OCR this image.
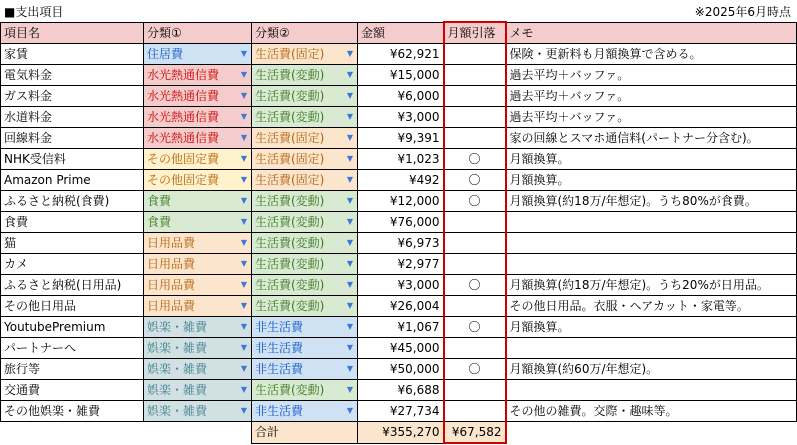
■支出項目	※2025年6月時点
項目名	分類①	分類②	金額	月額引落	メモ
家賃	住居費 ▼	生活費(固定) ▼	¥62,921		保険・更新料も月額換算で含める。
電気料金	水光熱通信費 ▼	生活費(変動) ▼	¥15,000		過去平均＋バッファ。
ガス料金	水光熱通信費 ▼	生活費(変動) ▼	¥6,000		過去平均＋バッファ。
水道料金	水光熱通信費 ▼	生活費(変動) ▼	¥3,000		過去平均＋バッファ。
回線料金	水光熱通信費 ▼	生活費(固定) ▼	¥9,391		家の回線とスマホ通信料(パートナー分含む)。
NHK受信料	その他固定費 ▼	生活費(固定) ▼	¥1,023	〇	月額換算。
Amazon Prime	その他固定費 ▼	生活費(固定) ▼	¥492	〇	月額換算。
ふるさと納税(食費)	食費 ▼	生活費(変動) ▼	¥12,000	〇	月額換算(約18万/年想定)。うち80%が食費。
食費	食費 ▼	生活費(変動) ▼	¥76,000		
猫	日用品費 ▼	生活費(変動) ▼	¥6,973		
カメ	日用品費 ▼	生活費(変動) ▼	¥2,977		
ふるさと納税(日用品)	日用品費 ▼	生活費(変動) ▼	¥3,000	〇	月額換算(約18万/年想定)。うち20%が日用品。
その他日用品	日用品費 ▼	生活費(変動) ▼	¥26,004		その他日用品。衣服・ヘアカット・家電等。
YoutubePremium	娯楽・雑費 ▼	非生活費 ▼	¥1,067	〇	月額換算。
パートナーへ	娯楽・雑費 ▼	非生活費 ▼	¥45,000		
旅行等	娯楽・雑費 ▼	非生活費 ▼	¥50,000	〇	月額換算(約60万/年想定)。
交通費	娯楽・雑費 ▼	生活費(変動) ▼	¥6,688		
その他娯楽・雑費	娯楽・雑費 ▼	非生活費 ▼	¥27,734		その他の雑費。交際・趣味等。
		合計	¥355,270	¥67,582	
